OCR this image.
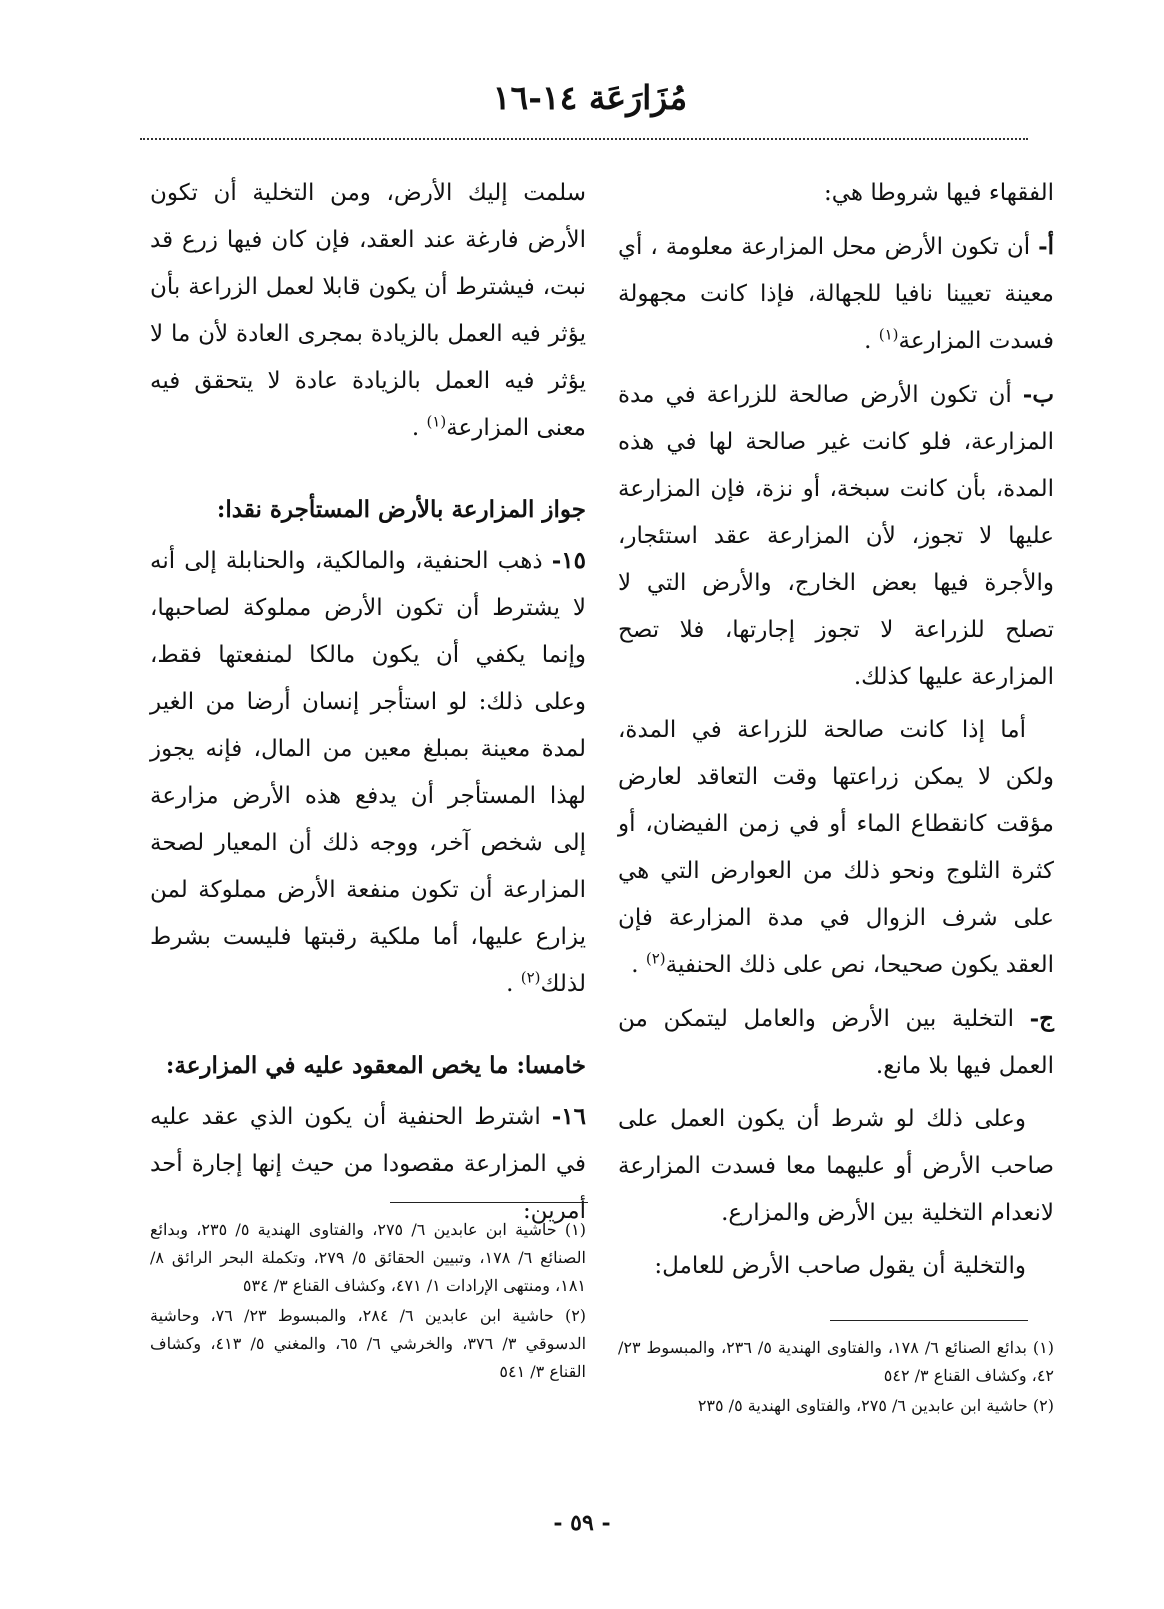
مُزَارَعَة ١٤-١٦

الفقهاء فيها شروطا هي:

أ- أن تكون الأرض محل المزارعة معلومة ، أي معينة تعيينا نافيا للجهالة، فإذا كانت مجهولة فسدت المزارعة$^{(١)}$ .

ب- أن تكون الأرض صالحة للزراعة في مدة المزارعة، فلو كانت غير صالحة لها في هذه المدة، بأن كانت سبخة، أو نزة، فإن المزارعة عليها لا تجوز، لأن المزارعة عقد استئجار، والأجرة فيها بعض الخارج، والأرض التي لا تصلح للزراعة لا تجوز إجارتها، فلا تصح المزارعة عليها كذلك.

أما إذا كانت صالحة للزراعة في المدة، ولكن لا يمكن زراعتها وقت التعاقد لعارض مؤقت كانقطاع الماء أو في زمن الفيضان، أو كثرة الثلوج ونحو ذلك من العوارض التي هي على شرف الزوال في مدة المزارعة فإن العقد يكون صحيحا، نص على ذلك الحنفية$^{(٢)}$ .

ج- التخلية بين الأرض والعامل ليتمكن من العمل فيها بلا مانع.

وعلى ذلك لو شرط أن يكون العمل على صاحب الأرض أو عليهما معا فسدت المزارعة لانعدام التخلية بين الأرض والمزارع.

والتخلية أن يقول صاحب الأرض للعامل:

سلمت إليك الأرض، ومن التخلية أن تكون الأرض فارغة عند العقد، فإن كان فيها زرع قد نبت، فيشترط أن يكون قابلا لعمل الزراعة بأن يؤثر فيه العمل بالزيادة بمجرى العادة لأن ما لا يؤثر فيه العمل بالزيادة عادة لا يتحقق فيه معنى المزارعة$^{(١)}$ .

جواز المزارعة بالأرض المستأجرة نقدا:

١٥- ذهب الحنفية، والمالكية، والحنابلة إلى أنه لا يشترط أن تكون الأرض مملوكة لصاحبها، وإنما يكفي أن يكون مالكا لمنفعتها فقط، وعلى ذلك: لو استأجر إنسان أرضا من الغير لمدة معينة بمبلغ معين من المال، فإنه يجوز لهذا المستأجر أن يدفع هذه الأرض مزارعة إلى شخص آخر، ووجه ذلك أن المعيار لصحة المزارعة أن تكون منفعة الأرض مملوكة لمن يزارع عليها، أما ملكية رقبتها فليست بشرط لذلك$^{(٢)}$ .

خامسا: ما يخص المعقود عليه في المزارعة:

١٦- اشترط الحنفية أن يكون الذي عقد عليه في المزارعة مقصودا من حيث إنها إجارة أحد أمرين:

(١) حاشية ابن عابدين ٦/ ٢٧٥، والفتاوى الهندية ٥/ ٢٣٥، وبدائع الصنائع ٦/ ١٧٨، وتبيين الحقائق ٥/ ٢٧٩، وتكملة البحر الرائق ٨/ ١٨١، ومنتهى الإرادات ١/ ٤٧١، وكشاف القناع ٣/ ٥٣٤

(٢) حاشية ابن عابدين ٦/ ٢٨٤، والمبسوط ٢٣/ ٧٦، وحاشية الدسوقي ٣/ ٣٧٦، والخرشي ٦/ ٦٥، والمغني ٥/ ٤١٣، وكشاف القناع ٣/ ٥٤١

(١) بدائع الصنائع ٦/ ١٧٨، والفتاوى الهندية ٥/ ٢٣٦، والمبسوط ٢٣/ ٤٢، وكشاف القناع ٣/ ٥٤٢

(٢) حاشية ابن عابدين ٦/ ٢٧٥، والفتاوى الهندية ٥/ ٢٣٥

- ٥٩ -
